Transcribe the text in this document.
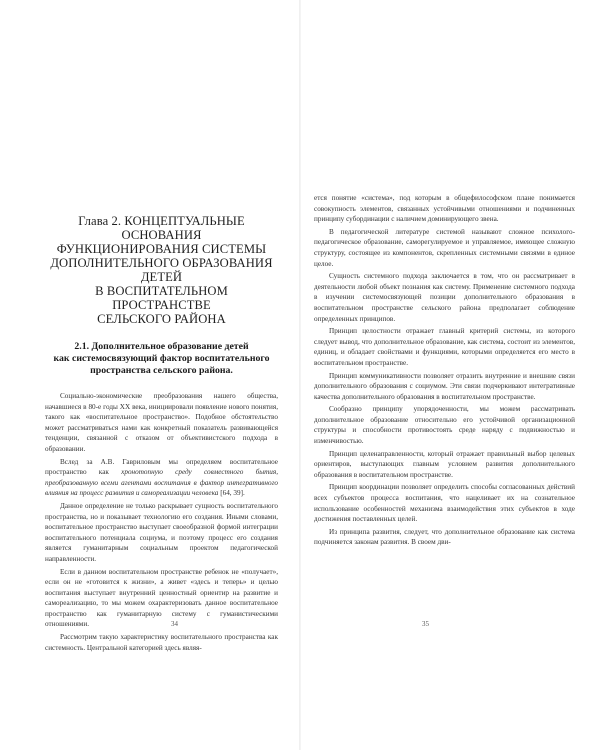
Глава 2. КОНЦЕПТУАЛЬНЫЕ ОСНОВАНИЯ
ФУНКЦИОНИРОВАНИЯ СИСТЕМЫ
ДОПОЛНИТЕЛЬНОГО ОБРАЗОВАНИЯ ДЕТЕЙ
В ВОСПИТАТЕЛЬНОМ ПРОСТРАНСТВЕ
СЕЛЬСКОГО РАЙОНА
2.1. Дополнительное образование детей
как системосвязующий фактор воспитательного
пространства сельского района.

Социально-экономические преобразования нашего общества, начавшиеся в 80-е годы XX века, инициировали появление нового понятия, такого как «воспитательное пространство». Подобное обстоятельство может рассматриваться нами как конкретный показатель развивающейся тенденции, связанной с отказом от объективистского подхода в образовании.

Вслед за А.В. Гавриловым мы определяем воспитательное пространство как хронотопную среду совместного бытия, преобразованную всеми агентами воспитания в фактор интегративного влияния на процесс развития и самореализации человека [64, 39].

Данное определение не только раскрывает сущность воспитательного пространства, но и показывает технологию его создания. Иными словами, воспитательное пространство выступает своеобразной формой интеграции воспитательного потенциала социума, и поэтому процесс его создания является гуманитарным социальным проектом педагогической направленности.

Если в данном воспитательном пространстве ребенок не «получает», если он не «готовится к жизни», а живет «здесь и теперь» и целью воспитания выступает внутренний ценностный ориентир на развитие и самореализацию, то мы можем охарактеризовать данное воспитательное пространство как гуманитарную систему с гуманистическими отношениями.

Рассмотрим такую характеристику воспитательного пространства как системность. Центральной категорией здесь являя-

34

ется понятие «система», под которым в общефилософском плане понимается совокупность элементов, связанных устойчивыми отношениями и подчиненных принципу субординации с наличием доминирующего звена.

В педагогической литературе системой называют сложное психолого-педагогическое образование, саморегулируемое и управляемое, имеющее сложную структуру, состоящее из компонентов, скрепленных системными связями в единое целое.

Сущность системного подхода заключается в том, что он рассматривает в деятельности любой объект познания как систему. Применение системного подхода в изучении системосвязующей позиции дополнительного образования в воспитательном пространстве сельского района предполагает соблюдение определенных принципов.

Принцип целостности отражает главный критерий системы, из которого следует вывод, что дополнительное образование, как система, состоит из элементов, единиц, и обладает свойствами и функциями, которыми определяется его место в воспитательном пространстве.

Принцип коммуникативности позволяет отразить внутренние и внешние связи дополнительного образования с социумом. Эти связи подчеркивают интегративные качества дополнительного образования в воспитательном пространстве.

Сообразно принципу упорядоченности, мы можем рассматривать дополнительное образование относительно его устойчивой организационной структуры и способности противостоять среде наряду с подвижностью и изменчивостью.

Принцип целенаправленности, который отражает правильный выбор целевых ориентиров, выступающих главным условием развития дополнительного образования в воспитательном пространстве.

Принцип координации позволяет определить способы согласованных действий всех субъектов процесса воспитания, что нацеливает их на сознательное использование особенностей механизма взаимодействия этих субъектов в ходе достижения поставленных целей.

Из принципа развития, следует, что дополнительное образование как система подчиняется законам развития. В своем дви-

35
